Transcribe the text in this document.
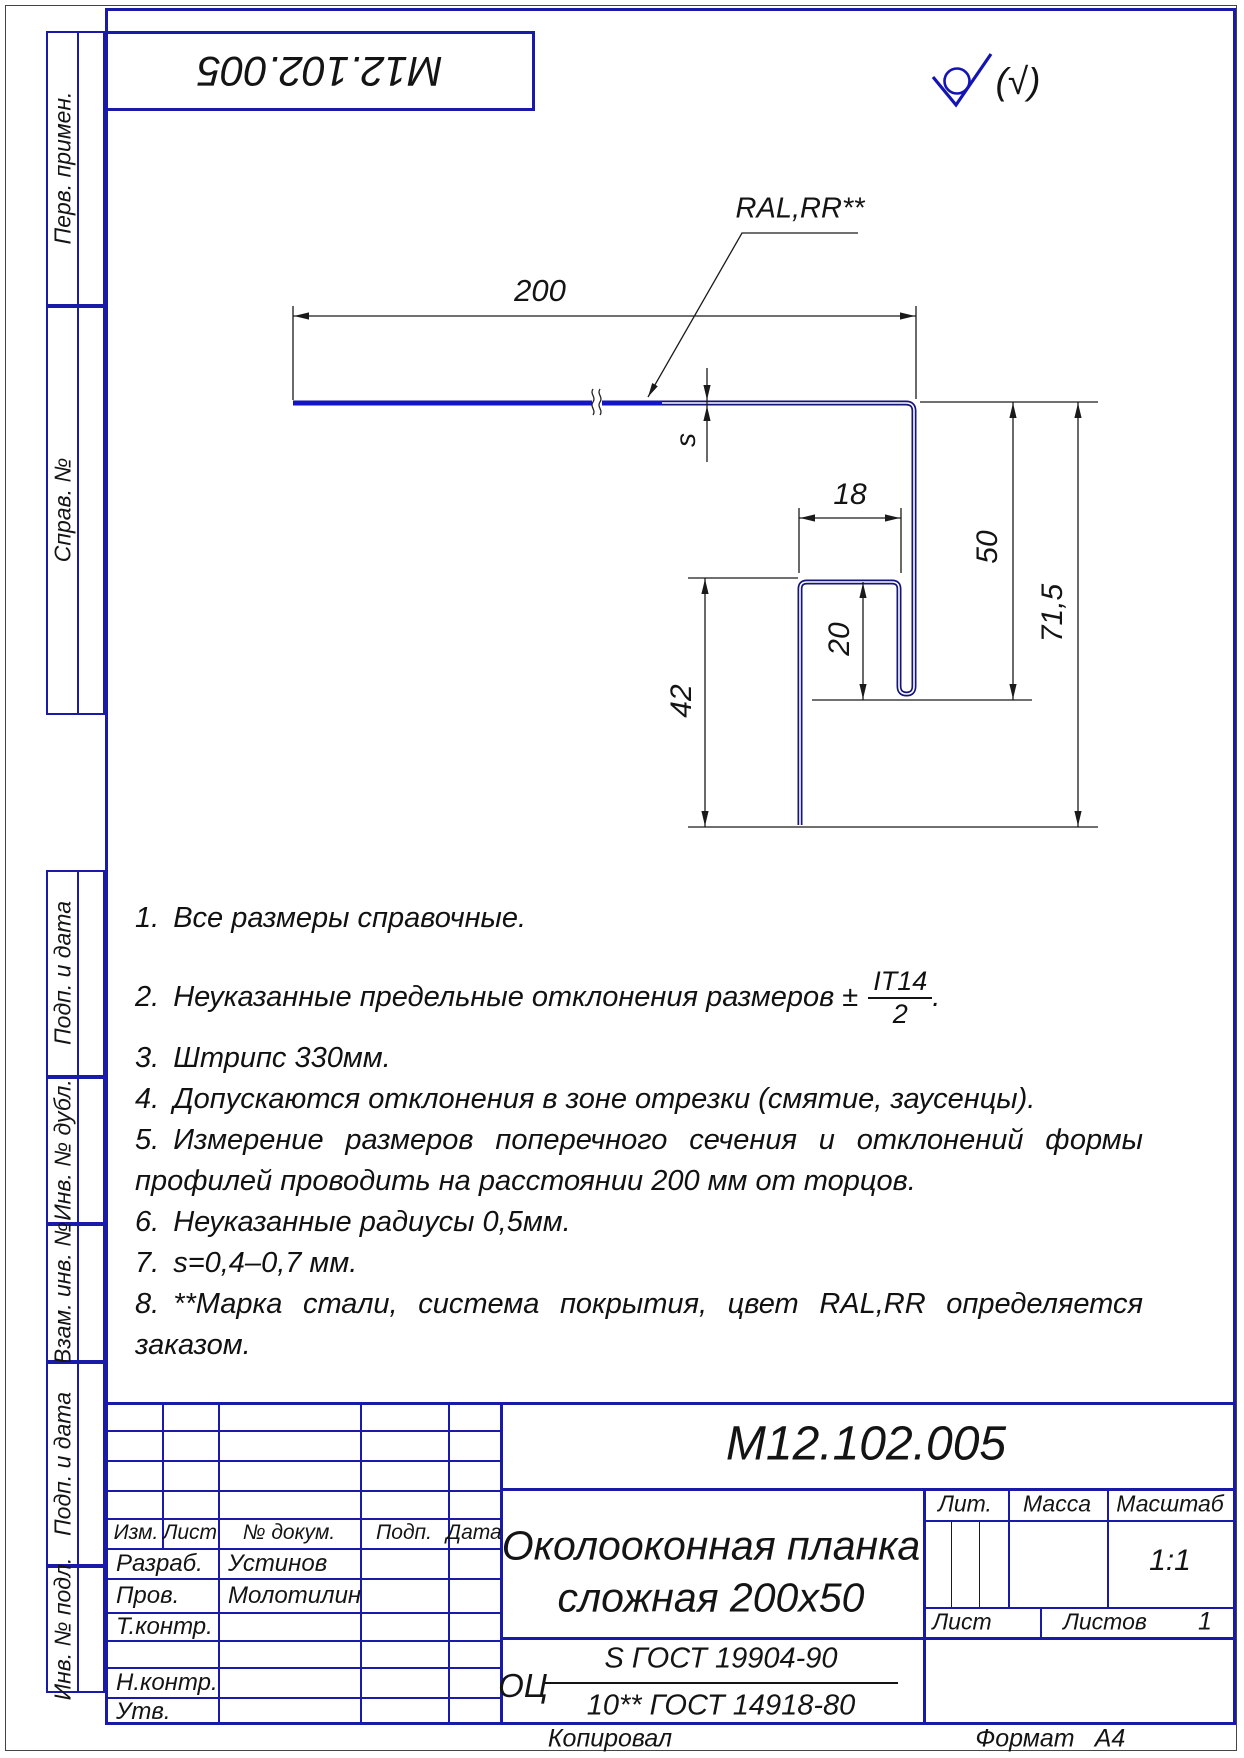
М12.102.005	(√)
Перв. примен.
Справ. №
Подп. и дата
Инв. № дубл.
Взам. инв. №
Подп. и дата
Инв. № подл.
200
s
18
50
20
42
71,5
RAL,RR**
1. Все размеры справочные.
2. Неуказанные предельные отклонения размеров ± $\frac{IT14}{2}$ .
3. Штрипс 330мм.
4. Допускаются отклонения в зоне отрезки (смятие, заусенцы).
5. Измерение размеров поперечного сечения и отклонений формы профилей проводить на расстоянии 200 мм от торцов.
6. Неуказанные радиусы 0,5мм.
7. s=0,4–0,7 мм.
8. **Марка стали, система покрытия, цвет RAL,RR определяется заказом.
М12.102.005
Лит. Масса Масштаб
1:1
Лист	Листов 1
Околооконная планка
сложная 200x50
ОЦ
S ГОСТ 19904-90
10** ГОСТ 14918-80
Изм. Лист № докум. Подп. Дата
Разраб. Устинов
Пров. Молотилин
Т.контр.
Н.контр.
Утв.
Копировал	Формат А4
